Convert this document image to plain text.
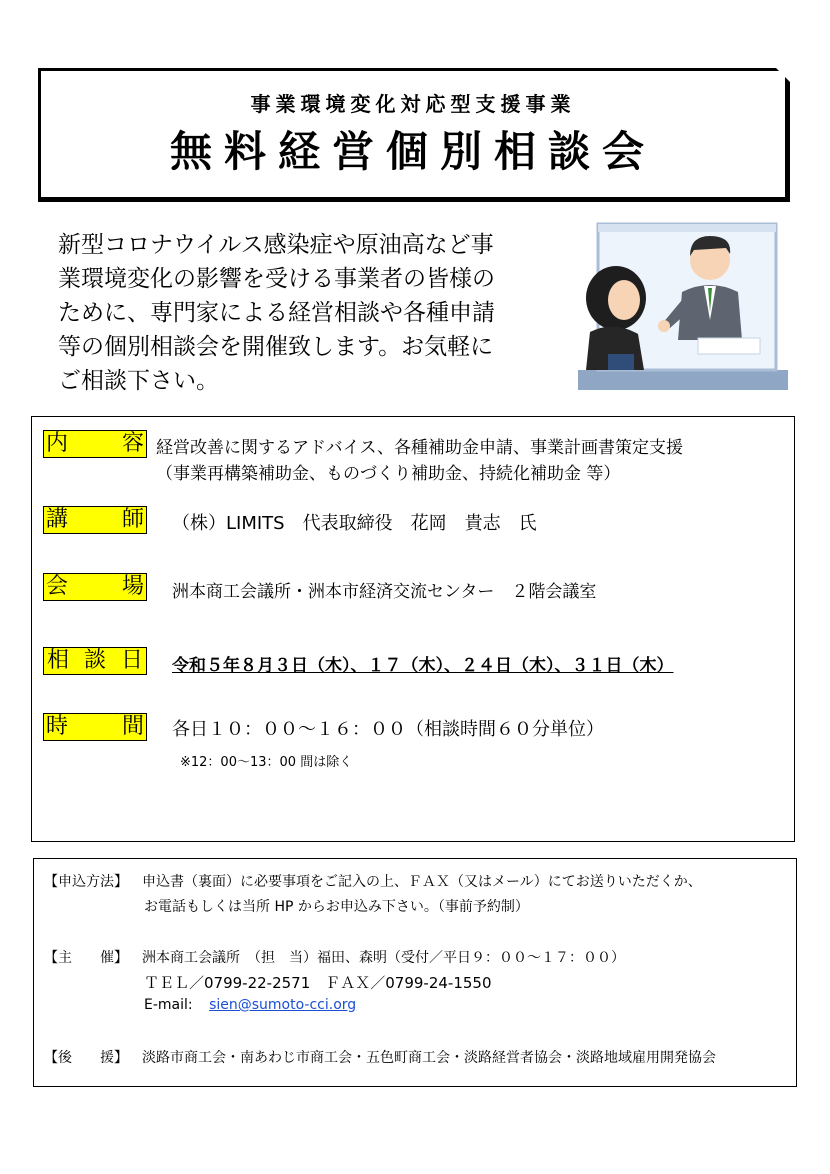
事業環境変化対応型支援事業
無料経営個別相談会
新型コロナウイルス感染症や原油高など事
業環境変化の影響を受ける事業者の皆様の
ために、専門家による経営相談や各種申請
等の個別相談会を開催致します。お気軽に
ご相談下さい。
内 容 経営改善に関するアドバイス、各種補助金申請、事業計画書策定支援
（事業再構築補助金、ものづくり補助金、持続化補助金 等）
講 師 （株）LIMITS　代表取締役　花岡　貴志　氏
会 場 洲本商工会議所・洲本市経済交流センター　２階会議室
相 談 日 令和５年８月３日（木）、１７（木）、２４日（木）、３１日（木）
時 間 各日１０：００～１６：００（相談時間６０分単位）
※12：00～13：00 間は除く
【申込方法】 申込書（裏面）に必要事項をご記入の上、ＦＡＸ（又はメール）にてお送りいただくか、
お電話もしくは当所 HP からお申込み下さい。（事前予約制）
【主　　催】 洲本商工会議所　（担　当）福田、森明（受付／平日９：００～１７：００）
ＴＥＬ／0799-22-2571　ＦＡＸ／0799-24-1550
E-mail: sien@sumoto-cci.org
【後　　援】 淡路市商工会・南あわじ市商工会・五色町商工会・淡路経営者協会・淡路地域雇用開発協会
